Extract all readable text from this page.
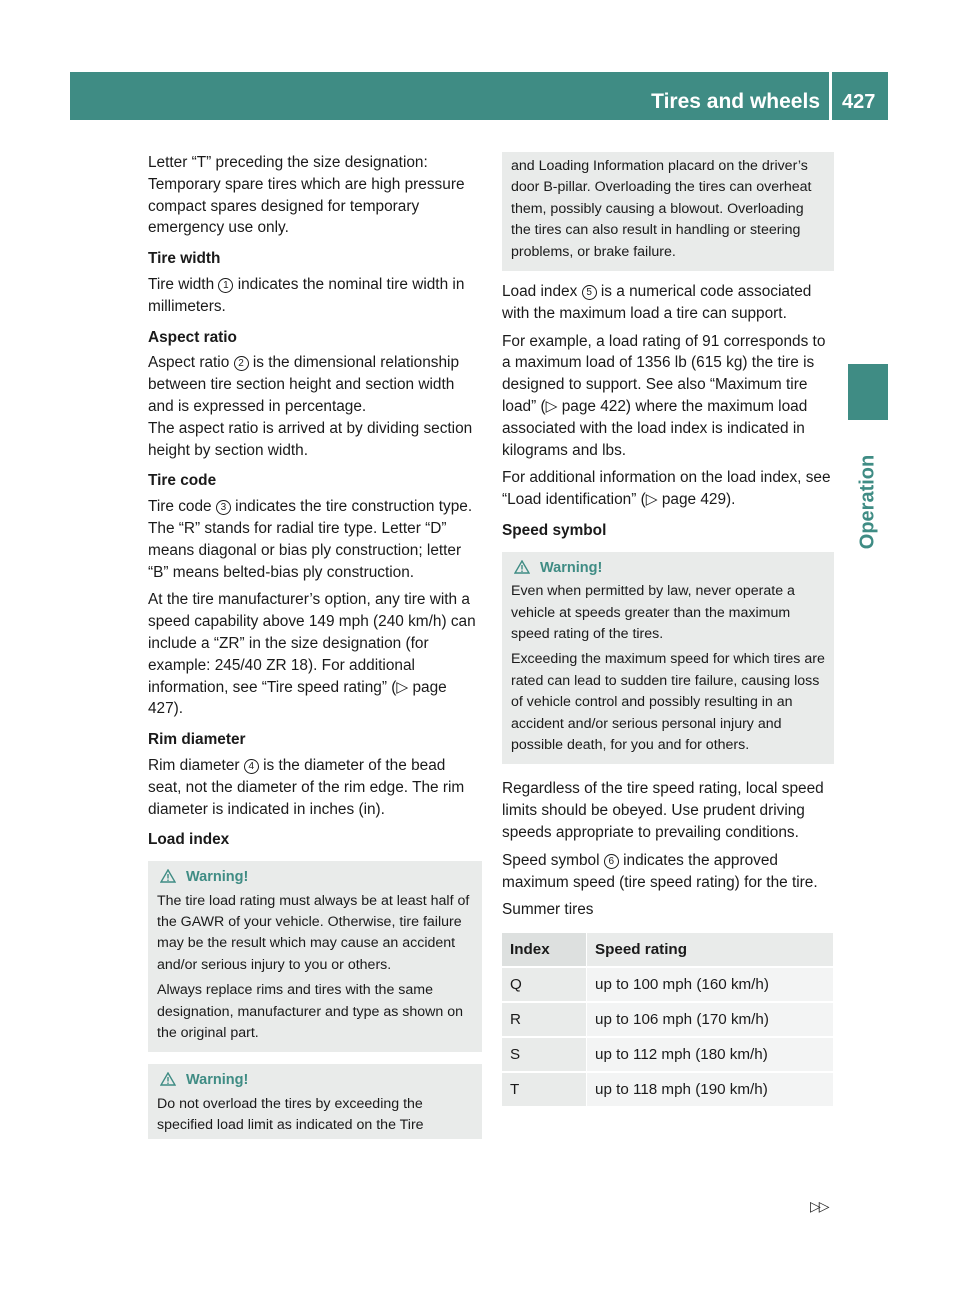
Tires and wheels 427
Operation

Letter “T” preceding the size designation: Temporary spare tires which are high pressure compact spares designed for temporary emergency use only.

Tire width

Tire width 1 indicates the nominal tire width in millimeters.

Aspect ratio

Aspect ratio 2 is the dimensional relationship between tire section height and section width and is expressed in percentage.

The aspect ratio is arrived at by dividing section height by section width.

Tire code

Tire code 3 indicates the tire construction type. The “R” stands for radial tire type. Letter “D” means diagonal or bias ply construction; letter “B” means belted-bias ply construction.

At the tire manufacturer’s option, any tire with a speed capability above 149 mph (240 km/h) can include a “ZR” in the size designation (for example: 245/40 ZR 18). For additional information, see “Tire speed rating” (▷ page 427).

Rim diameter

Rim diameter 4 is the diameter of the bead seat, not the diameter of the rim edge. The rim diameter is indicated in inches (in).

Load index
Warning!

The tire load rating must always be at least half of the GAWR of your vehicle. Otherwise, tire failure may be the result which may cause an accident and/or serious injury to you or others.

Always replace rims and tires with the same designation, manufacturer and type as shown on the original part.

Warning!

Do not overload the tires by exceeding the specified load limit as indicated on the Tire

and Loading Information placard on the driver’s door B-pillar. Overloading the tires can overheat them, possibly causing a blowout. Overloading the tires can also result in handling or steering problems, or brake failure.

Load index 5 is a numerical code associated with the maximum load a tire can support.

For example, a load rating of 91 corresponds to a maximum load of 1356 lb (615 kg) the tire is designed to support. See also “Maximum tire load” (▷ page 422) where the maximum load associated with the load index is indicated in kilograms and lbs.

For additional information on the load index, see “Load identification” (▷ page 429).

Speed symbol
Warning!

Even when permitted by law, never operate a vehicle at speeds greater than the maximum speed rating of the tires.

Exceeding the maximum speed for which tires are rated can lead to sudden tire failure, causing loss of vehicle control and possibly resulting in an accident and/or serious personal injury and possible death, for you and for others.

Regardless of the tire speed rating, local speed limits should be obeyed. Use prudent driving speeds appropriate to prevailing conditions.

Speed symbol 6 indicates the approved maximum speed (tire speed rating) for the tire.

Summer tires

Index	Speed rating
Q	up to 100 mph (160 km/h)
R	up to 106 mph (170 km/h)
S	up to 112 mph (180 km/h)
T	up to 118 mph (190 km/h)
▷▷
